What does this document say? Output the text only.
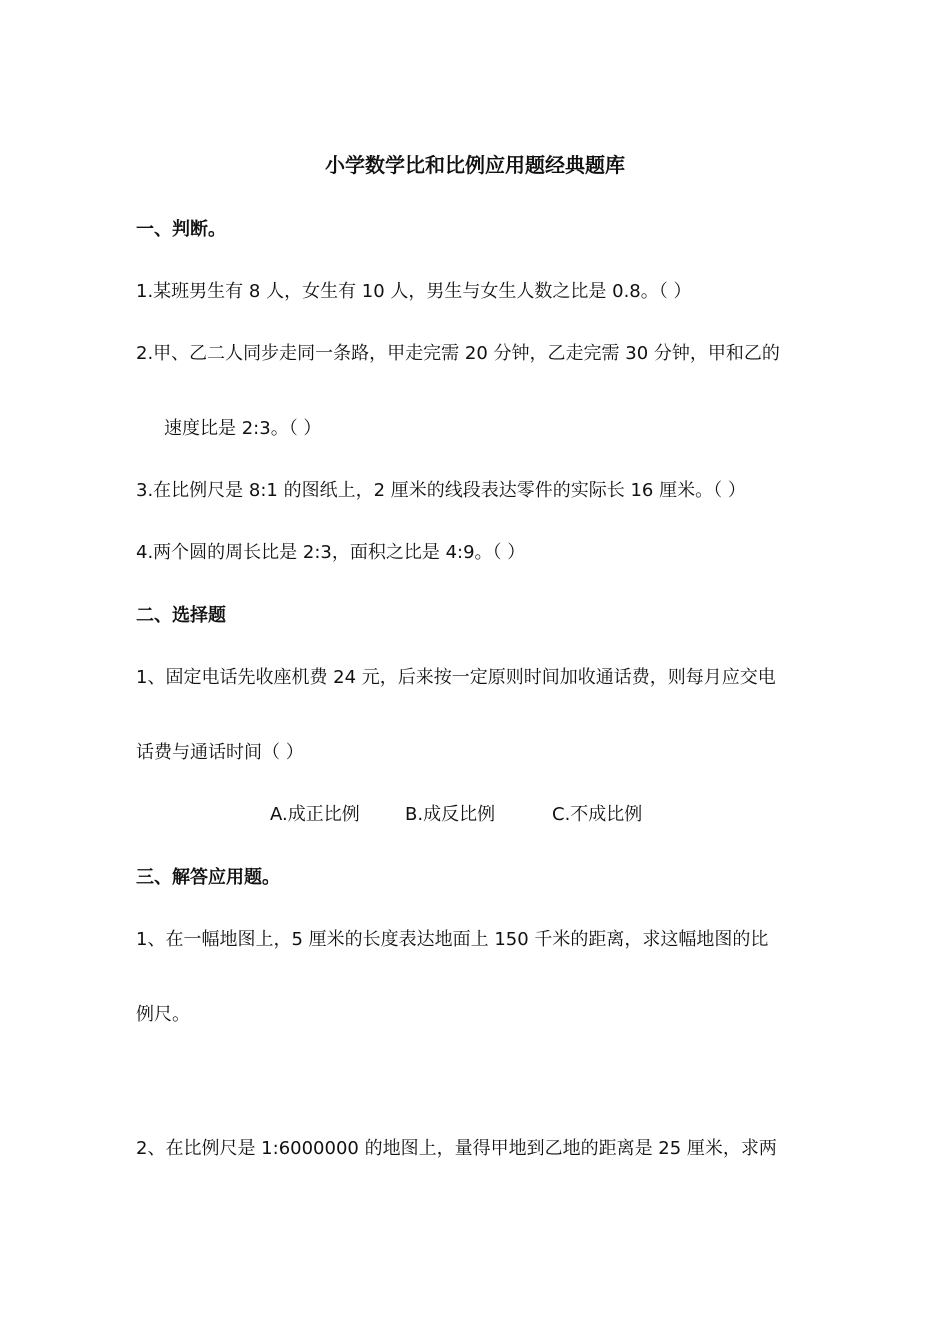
小学数学比和比例应用题经典题库
一、判断。
1.某班男生有 8 人，女生有 10 人，男生与女生人数之比是 0.8。（ ）
2.甲、乙二人同步走同一条路，甲走完需 20 分钟，乙走完需 30 分钟，甲和乙的
速度比是 2:3。（ ）
3.在比例尺是 8:1 的图纸上，2 厘米的线段表达零件的实际长 16 厘米。（ ）
4.两个圆的周长比是 2:3，面积之比是 4:9。（ ）
二、选择题
1、固定电话先收座机费 24 元，后来按一定原则时间加收通话费，则每月应交电
话费与通话时间（ ）
A.成正比例	B.成反比例	C.不成比例
三、解答应用题。
1、在一幅地图上，5 厘米的长度表达地面上 150 千米的距离，求这幅地图的比
例尺。
2、在比例尺是 1:6000000 的地图上，量得甲地到乙地的距离是 25 厘米，求两
